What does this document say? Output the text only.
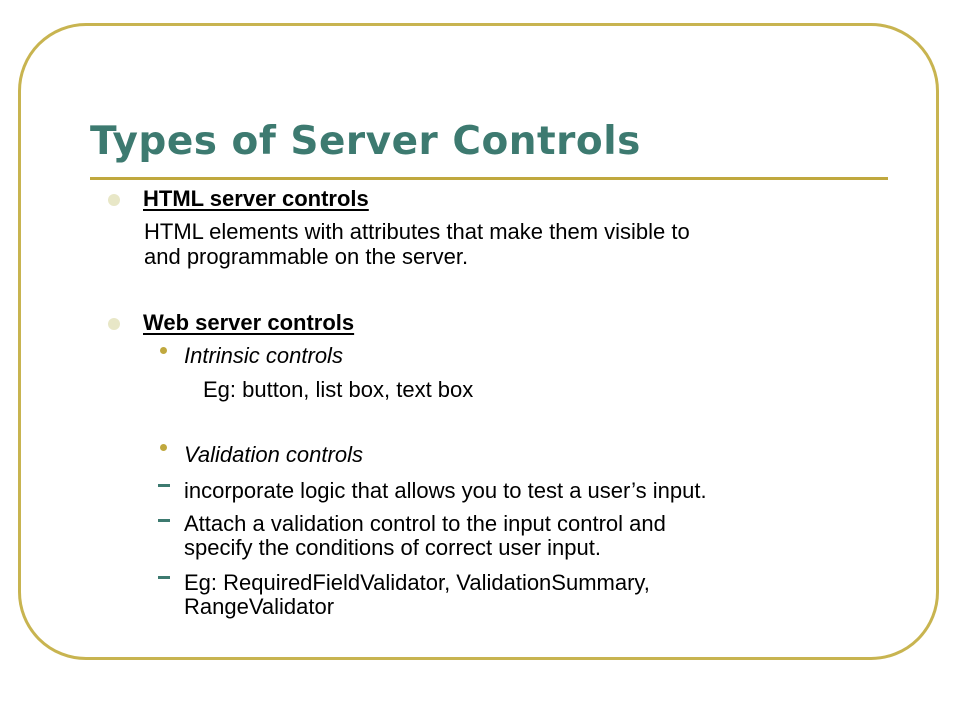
Types of Server Controls
HTML server controls
HTML elements with attributes that make them visible to
and programmable on the server.
Web server controls
Intrinsic controls
Eg: button, list box, text box
Validation controls
incorporate logic that allows you to test a user’s input.
Attach a validation control to the input control and
specify the conditions of correct user input.
Eg: RequiredFieldValidator, ValidationSummary,
RangeValidator
